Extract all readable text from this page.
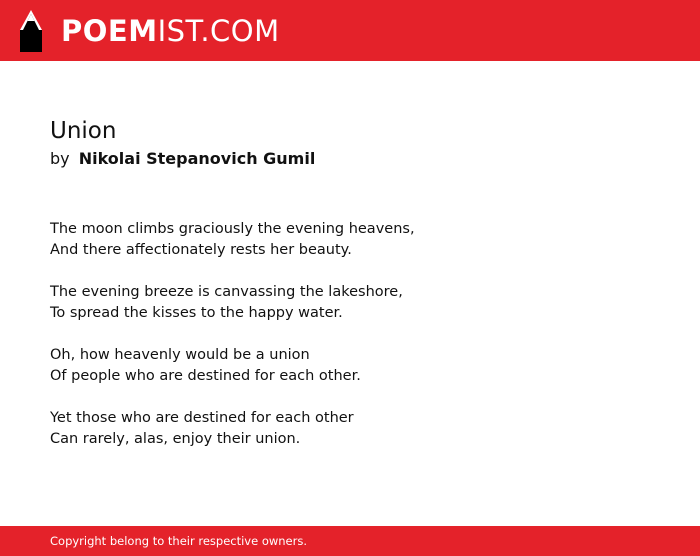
POEMIST.COM
Union
by Nikolai Stepanovich Gumil

The moon climbs graciously the evening heavens,
And there affectionately rests her beauty.

The evening breeze is canvassing the lakeshore,
To spread the kisses to the happy water.

Oh, how heavenly would be a union
Of people who are destined for each other.

Yet those who are destined for each other
Can rarely, alas, enjoy their union.

Copyright belong to their respective owners.
